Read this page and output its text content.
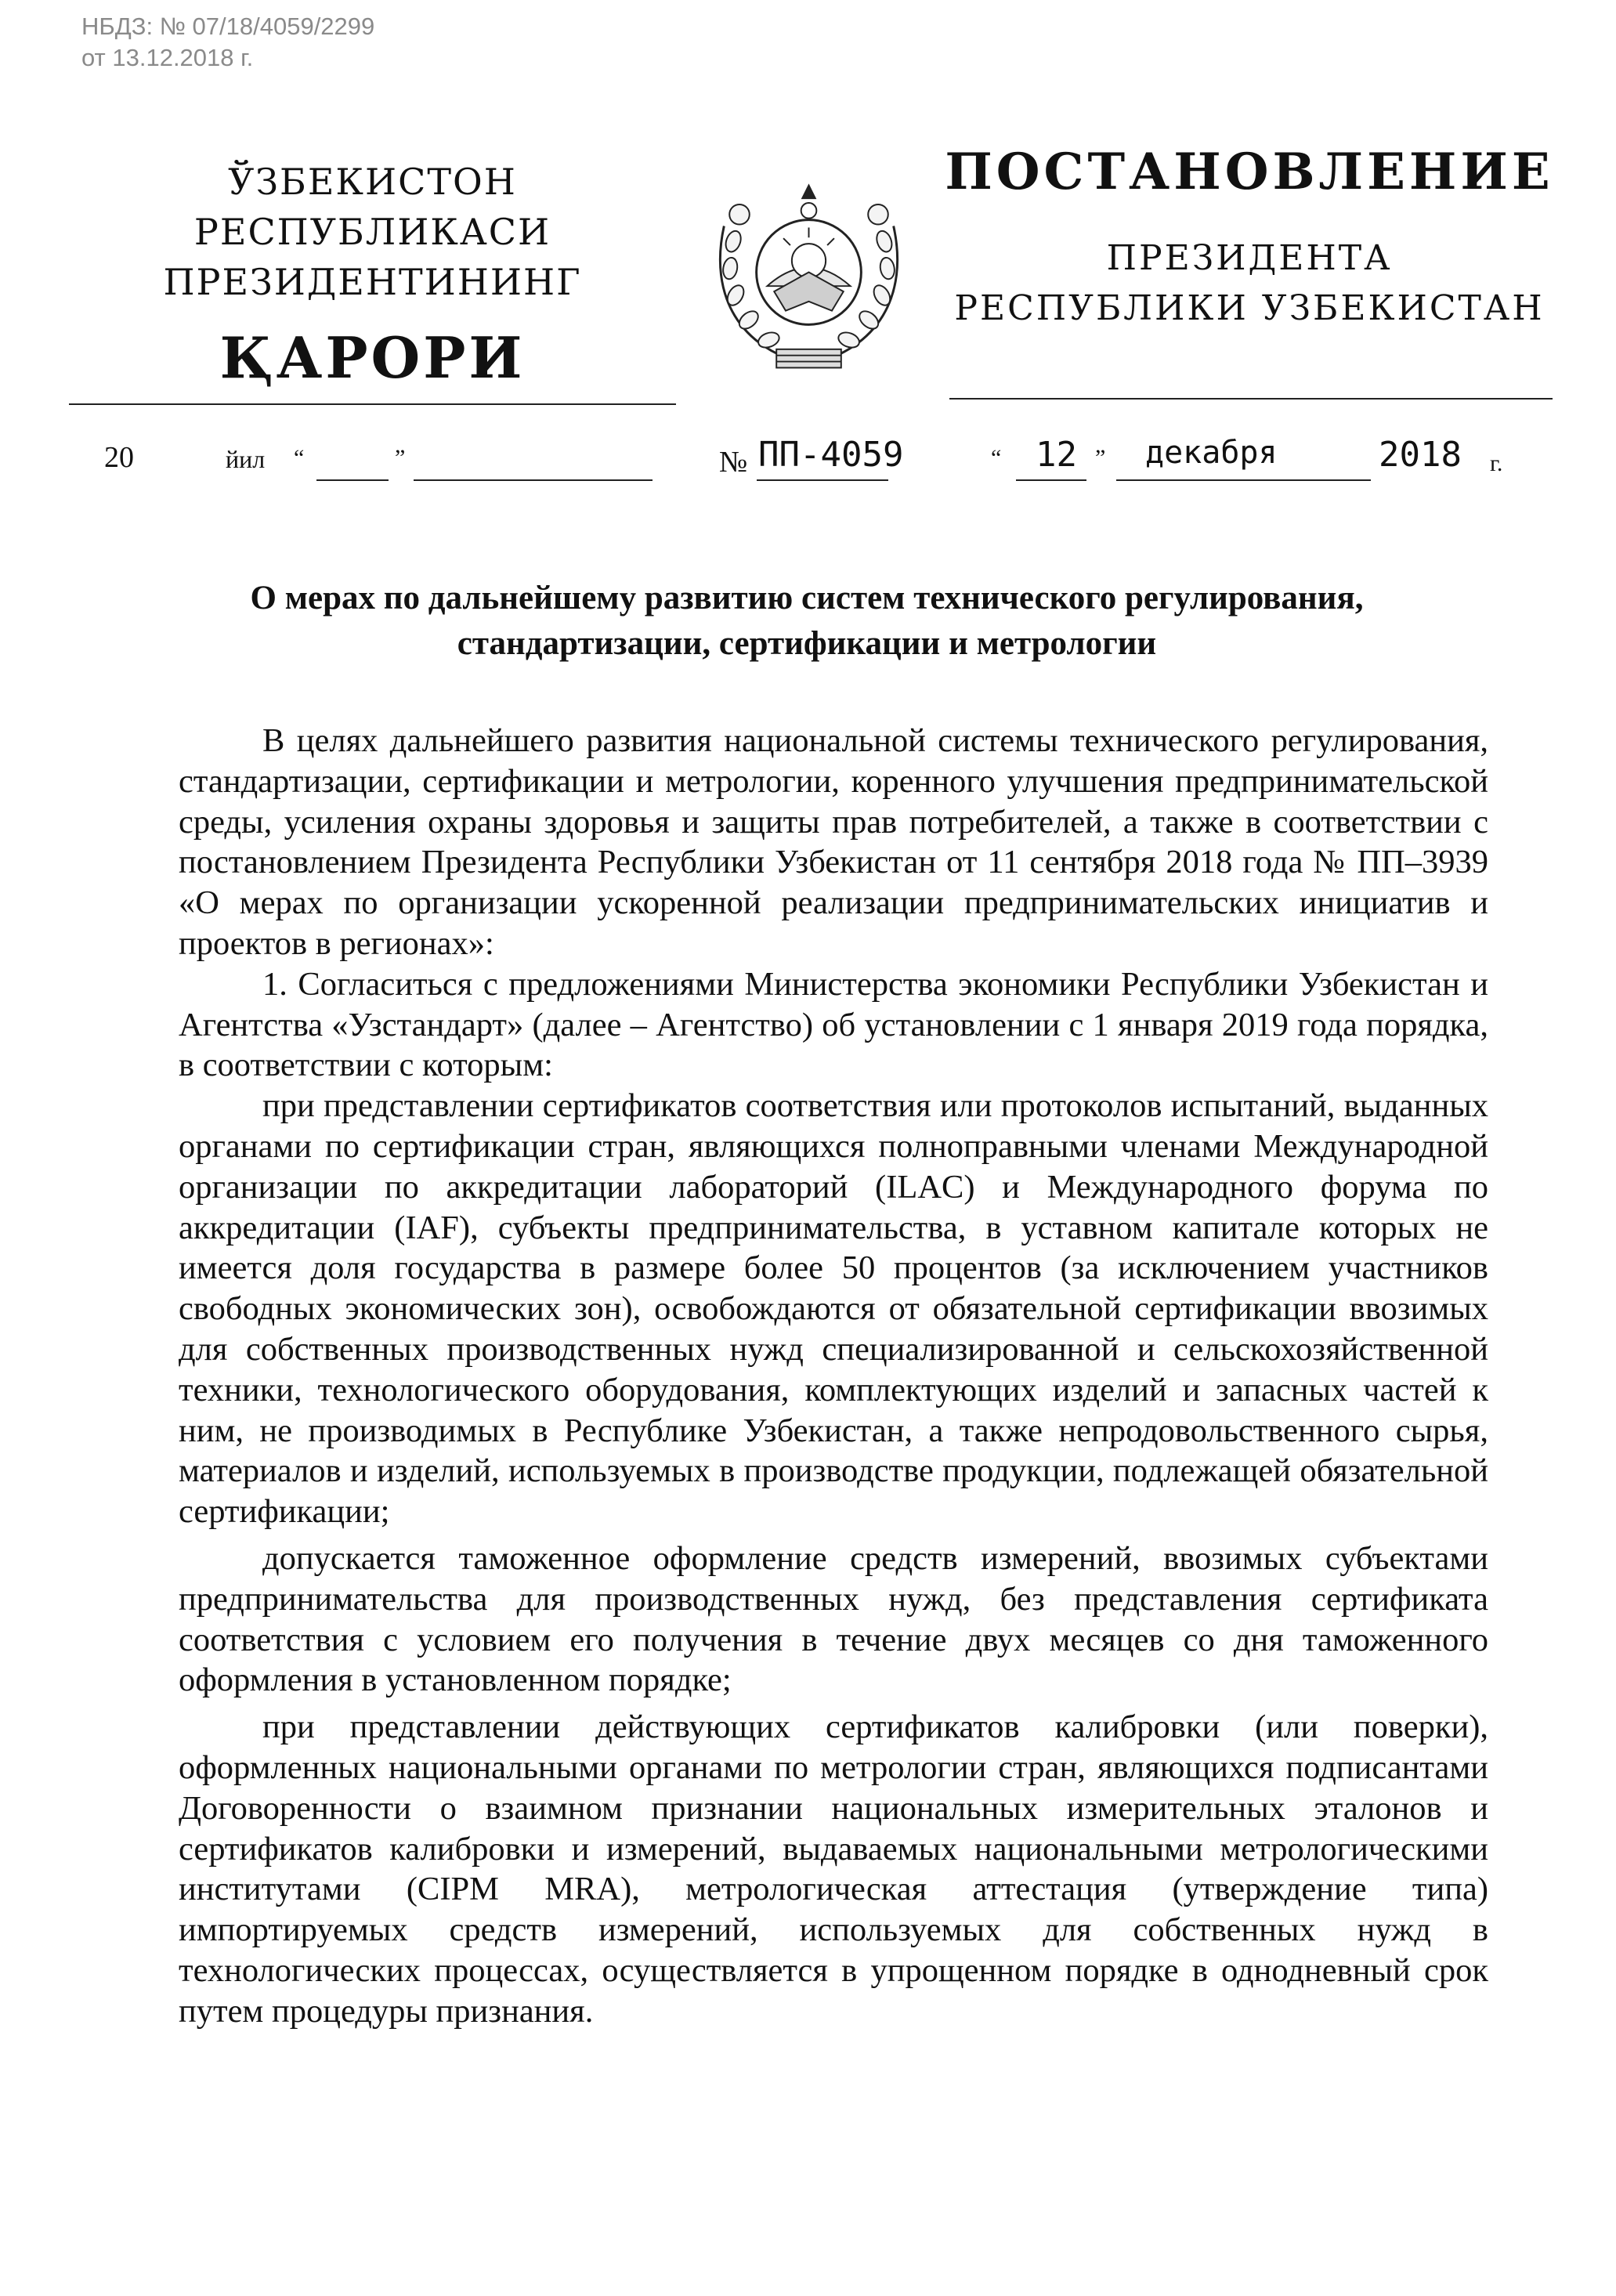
НБДЗ: № 07/18/4059/2299
от 13.12.2018 г.
ЎЗБЕКИСТОН РЕСПУБЛИКАСИ
ПРЕЗИДЕНТИНИНГ
ҚАРОРИ
ПОСТАНОВЛЕНИЕ
ПРЕЗИДЕНТА
РЕСПУБЛИКИ УЗБЕКИСТАН
20	йил “	”	№ ПП-4059	“ 12 ” декабря	2018 г.
О мерах по дальнейшему развитию систем технического регулирования,
стандартизации, сертификации и метрологии

В целях дальнейшего развития национальной системы технического регулирования, стандартизации, сертификации и метрологии, коренного улучшения предпринимательской среды, усиления охраны здоровья и защиты прав потребителей, а также в соответствии с постановлением Президента Республики Узбекистан от 11 сентября 2018 года № ПП–3939 «О мерах по организации ускоренной реализации предпринимательских инициатив и проектов в регионах»:

1. Согласиться с предложениями Министерства экономики Республики Узбекистан и Агентства «Узстандарт» (далее – Агентство) об установлении с 1 января 2019 года порядка, в соответствии с которым:

при представлении сертификатов соответствия или протоколов испытаний, выданных органами по сертификации стран, являющихся полноправными членами Международной организации по аккредитации лабораторий (ILAC) и Международного форума по аккредитации (IAF), субъекты предпринимательства, в уставном капитале которых не имеется доля государства в размере более 50 процентов (за исключением участников свободных экономических зон), освобождаются от обязательной сертификации ввозимых для собственных производственных нужд специализированной и сельскохозяйственной техники, технологического оборудования, комплектующих изделий и запасных частей к ним, не производимых в Республике Узбекистан, а также непродовольственного сырья, материалов и изделий, используемых в производстве продукции, подлежащей обязательной сертификации;

допускается таможенное оформление средств измерений, ввозимых субъектами предпринимательства для производственных нужд, без представления сертификата соответствия с условием его получения в течение двух месяцев со дня таможенного оформления в установленном порядке;

при представлении действующих сертификатов калибровки (или поверки), оформленных национальными органами по метрологии стран, являющихся подписантами Договоренности о взаимном признании национальных измерительных эталонов и сертификатов калибровки и измерений, выдаваемых национальными метрологическими институтами (CIPM MRA), метрологическая аттестация (утверждение типа) импортируемых средств измерений, используемых для собственных нужд в технологических процессах, осуществляется в упрощенном порядке в однодневный срок путем процедуры признания.
